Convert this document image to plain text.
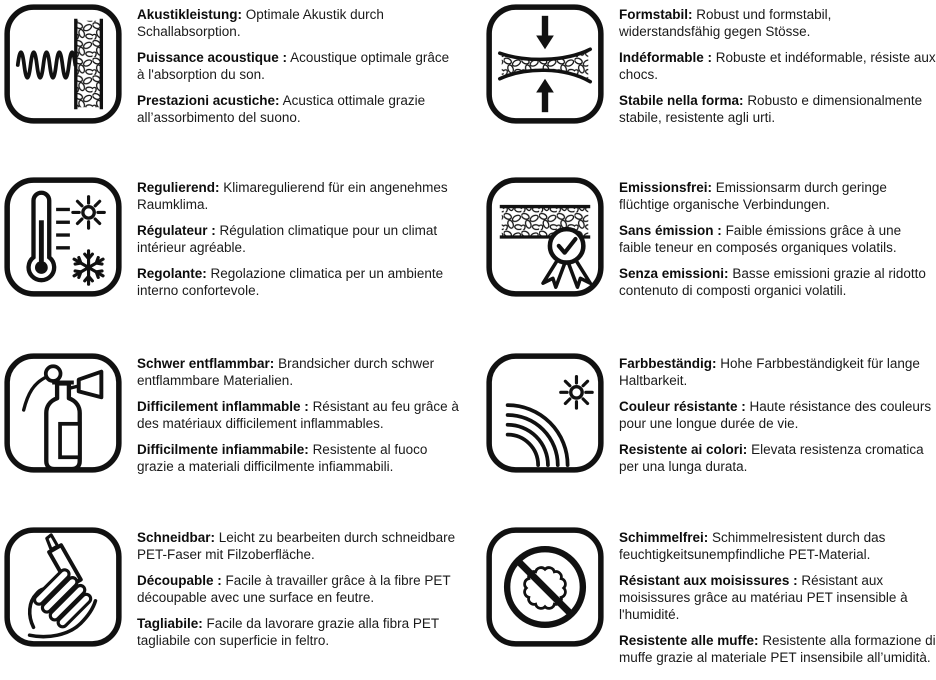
Akustikleistung: Optimale Akustik durch Schallabsorption.

Puissance acoustique : Acoustique optimale grâce à l'absorption du son.

Prestazioni acustiche: Acustica ottimale grazie all’assorbimento del suono.

Formstabil: Robust und formstabil, widerstandsfähig gegen Stösse.

Indéformable : Robuste et indéformable, résiste aux chocs.

Stabile nella forma: Robusto e dimensionalmente stabile, resistente agli urti.

Regulierend: Klimaregulierend für ein angenehmes Raumklima.

Régulateur : Régulation climatique pour un climat intérieur agréable.

Regolante: Regolazione climatica per un ambiente interno confortevole.

Emissionsfrei: Emissionsarm durch geringe flüchtige organische Verbindungen.

Sans émission : Faible émissions grâce à une faible teneur en composés organiques volatils.

Senza emissioni: Basse emissioni grazie al ridotto contenuto di composti organici volatili.

Schwer entflammbar: Brandsicher durch schwer entflammbare Materialien.

Difficilement inflammable : Résistant au feu grâce à des matériaux difficilement inflammables.

Difficilmente infiammabile: Resistente al fuoco grazie a materiali difficilmente infiammabili.

Farbbeständig: Hohe Farbbeständigkeit für lange Haltbarkeit.

Couleur résistante : Haute résistance des couleurs pour une longue durée de vie.

Resistente ai colori: Elevata resistenza cromatica per una lunga durata.

Schneidbar: Leicht zu bearbeiten durch schneidbare PET-Faser mit Filzoberfläche.

Découpable : Facile à travailler grâce à la fibre PET découpable avec une surface en feutre.

Tagliabile: Facile da lavorare grazie alla fibra PET tagliabile con superficie in feltro.

Schimmelfrei: Schimmelresistent durch das feuchtigkeitsunempfindliche PET-Material.

Résistant aux moisissures : Résistant aux moisissures grâce au matériau PET insensible à l'humidité.

Resistente alle muffe: Resistente alla formazione di muffe grazie al materiale PET insensibile all’umidità.
